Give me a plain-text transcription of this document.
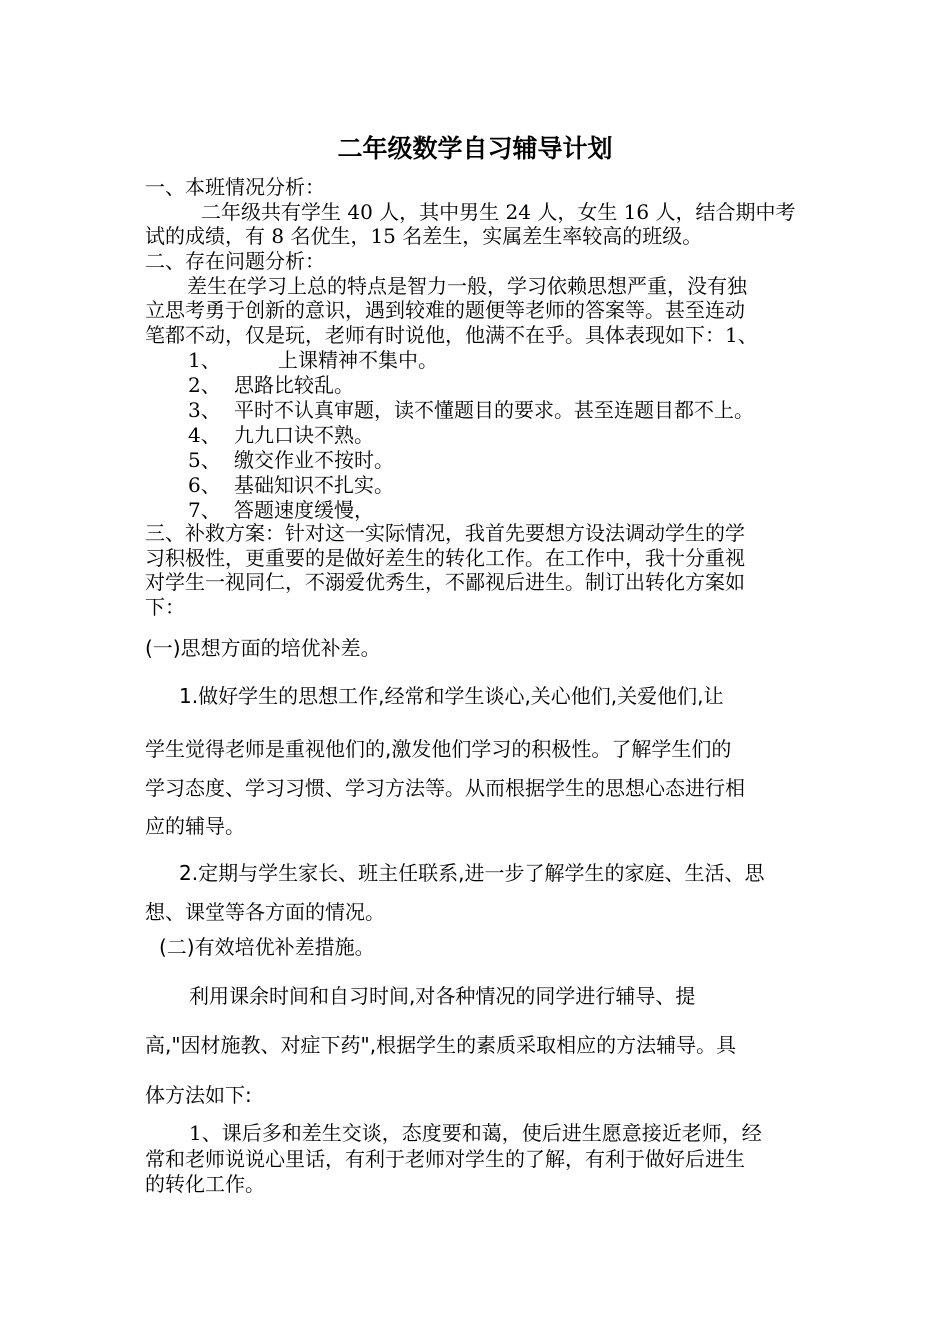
二年级数学自习辅导计划
一、本班情况分析：
二年级共有学生 40 人，其中男生 24 人，女生 16 人，结合期中考
试的成绩，有 8 名优生，15 名差生，实属差生率较高的班级。
二、存在问题分析：
差生在学习上总的特点是智力一般，学习依赖思想严重，没有独
立思考勇于创新的意识，遇到较难的题便等老师的答案等。甚至连动
笔都不动，仅是玩，老师有时说他，他满不在乎。具体表现如下：1、
1、	上课精神不集中。
2、 思路比较乱。
3、 平时不认真审题，读不懂题目的要求。甚至连题目都不上。
4、 九九口诀不熟。
5、 缴交作业不按时。
6、 基础知识不扎实。
7、 答题速度缓慢，
三、补救方案：针对这一实际情况，我首先要想方设法调动学生的学
习积极性，更重要的是做好差生的转化工作。在工作中，我十分重视
对学生一视同仁，不溺爱优秀生，不鄙视后进生。制订出转化方案如
下：
(一)思想方面的培优补差。
1.做好学生的思想工作,经常和学生谈心,关心他们,关爱他们,让
学生觉得老师是重视他们的,激发他们学习的积极性。了解学生们的
学习态度、学习习惯、学习方法等。从而根据学生的思想心态进行相
应的辅导。
2.定期与学生家长、班主任联系,进一步了解学生的家庭、生活、思
想、课堂等各方面的情况。
(二)有效培优补差措施。
利用课余时间和自习时间,对各种情况的同学进行辅导、提
高,"因材施教、对症下药",根据学生的素质采取相应的方法辅导。具
体方法如下:
1、课后多和差生交谈，态度要和蔼，使后进生愿意接近老师，经
常和老师说说心里话，有利于老师对学生的了解，有利于做好后进生
的转化工作。
